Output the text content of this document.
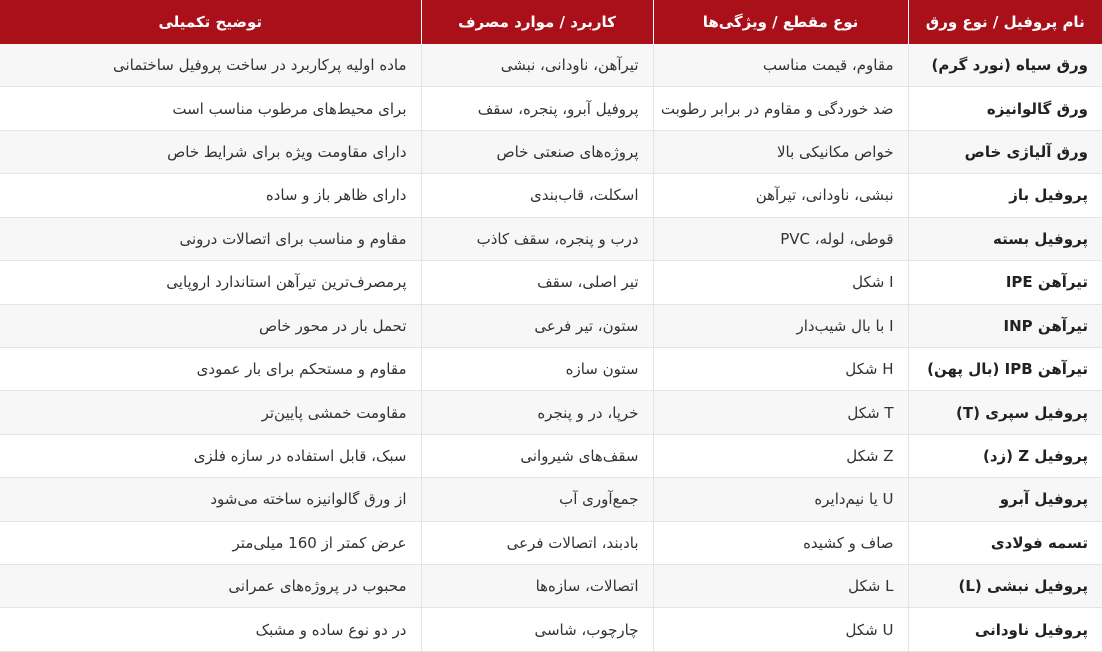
نام پروفیل / نوع ورق	نوع مقطع / ویژگی‌ها	کاربرد / موارد مصرف	توضیح تکمیلی
ورق سیاه (نورد گرم)	مقاوم، قیمت مناسب	تیرآهن، ناودانی، نبشی	ماده اولیه پرکاربرد در ساخت پروفیل ساختمانی
ورق گالوانیزه	ضد خوردگی و مقاوم در برابر رطوبت	پروفیل آبرو، پنجره، سقف	برای محیط‌های مرطوب مناسب است
ورق آلیاژی خاص	خواص مکانیکی بالا	پروژه‌های صنعتی خاص	دارای مقاومت ویژه برای شرایط خاص
پروفیل باز	نبشی، ناودانی، تیرآهن	اسکلت، قاب‌بندی	دارای ظاهر باز و ساده
پروفیل بسته	قوطی، لوله، PVC	درب و پنجره، سقف کاذب	مقاوم و مناسب برای اتصالات درونی
تیرآهن IPE	I شکل	تیر اصلی، سقف	پرمصرف‌ترین تیرآهن استاندارد اروپایی
تیرآهن INP	I با بال شیب‌دار	ستون، تیر فرعی	تحمل بار در محور خاص
تیرآهن IPB (بال پهن)	H شکل	ستون سازه	مقاوم و مستحکم برای بار عمودی
پروفیل سپری (T)	T شکل	خرپا، در و پنجره	مقاومت خمشی پایین‌تر
پروفیل Z (زد)	Z شکل	سقف‌های شیروانی	سبک، قابل استفاده در سازه فلزی
پروفیل آبرو	U یا نیم‌دایره	جمع‌آوری آب	از ورق گالوانیزه ساخته می‌شود
تسمه فولادی	صاف و کشیده	بادبند، اتصالات فرعی	عرض کمتر از 160 میلی‌متر
پروفیل نبشی (L)	L شکل	اتصالات، سازه‌ها	محبوب در پروژه‌های عمرانی
پروفیل ناودانی	U شکل	چارچوب، شاسی	در دو نوع ساده و مشبک
